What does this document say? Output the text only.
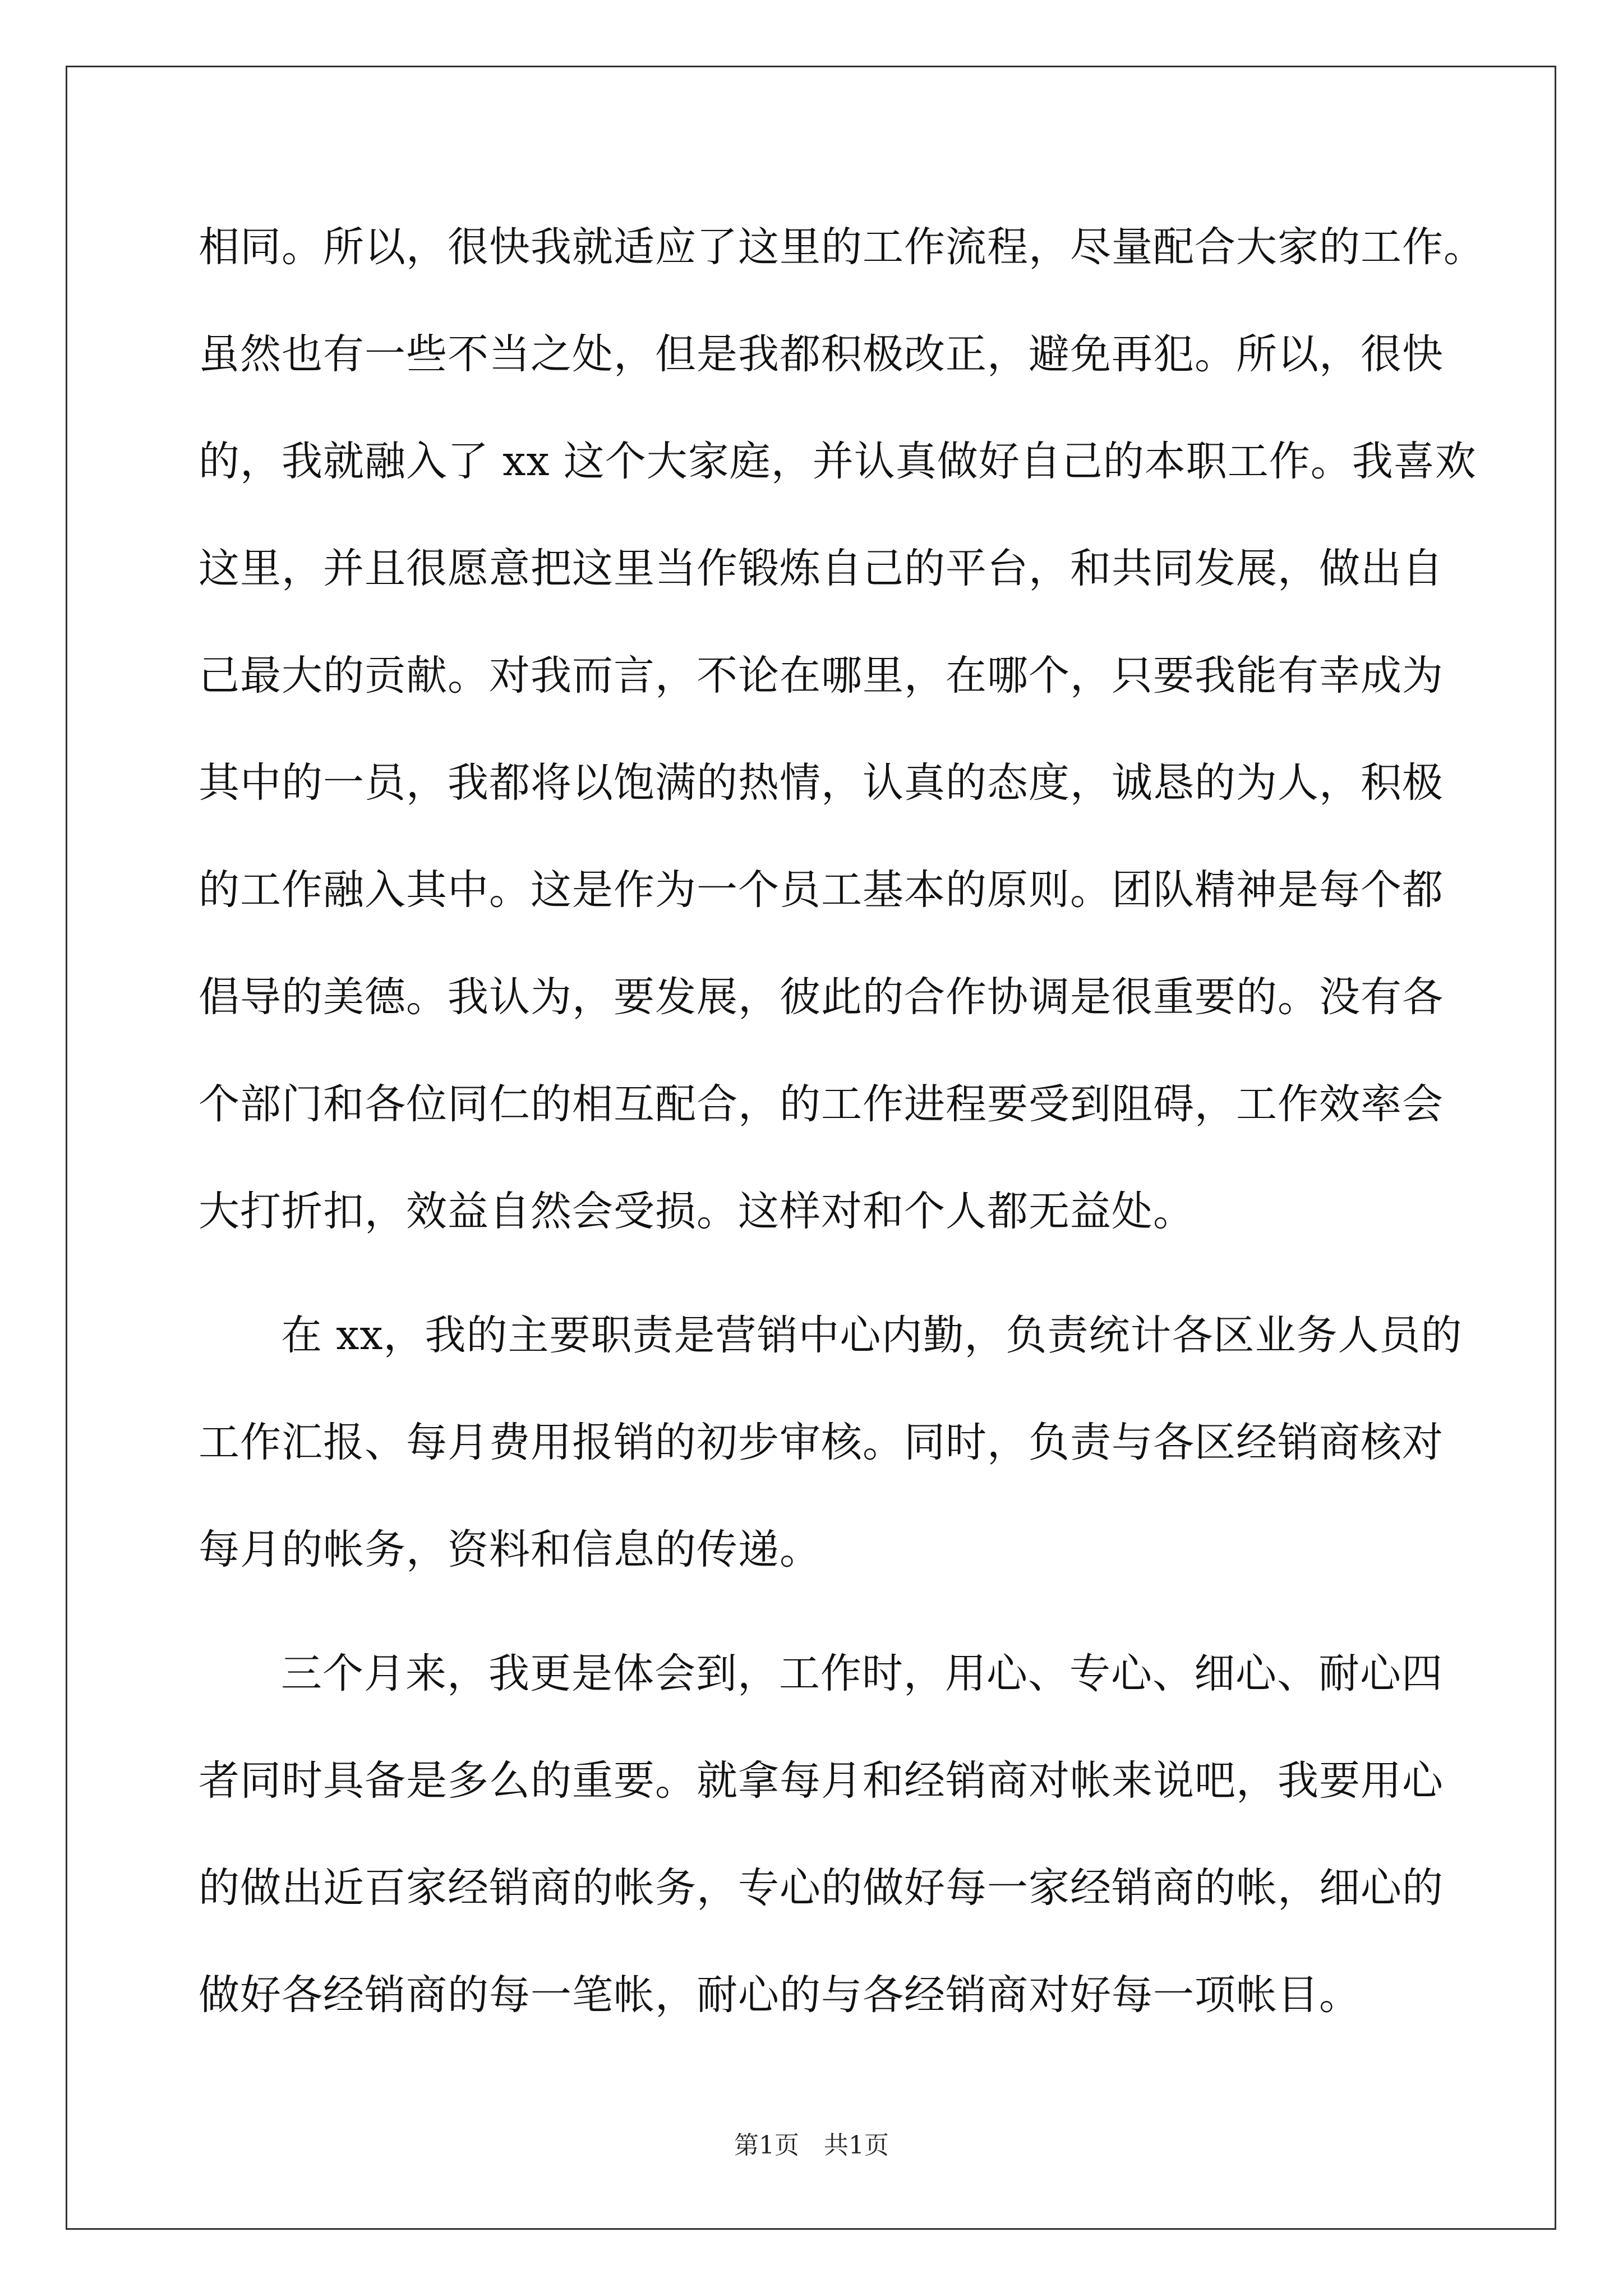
相同。所以，很快我就适应了这里的工作流程，尽量配合大家的工作。
虽然也有一些不当之处，但是我都积极改正，避免再犯。所以，很快
的，我就融入了 xx 这个大家庭，并认真做好自己的本职工作。我喜欢
这里，并且很愿意把这里当作锻炼自己的平台，和共同发展，做出自
己最大的贡献。对我而言，不论在哪里，在哪个，只要我能有幸成为
其中的一员，我都将以饱满的热情，认真的态度，诚恳的为人，积极
的工作融入其中。这是作为一个员工基本的原则。团队精神是每个都
倡导的美德。我认为，要发展，彼此的合作协调是很重要的。没有各
个部门和各位同仁的相互配合，的工作进程要受到阻碍，工作效率会
大打折扣，效益自然会受损。这样对和个人都无益处。
在 xx，我的主要职责是营销中心内勤，负责统计各区业务人员的
工作汇报、每月费用报销的初步审核。同时，负责与各区经销商核对
每月的帐务，资料和信息的传递。
三个月来，我更是体会到，工作时，用心、专心、细心、耐心四
者同时具备是多么的重要。就拿每月和经销商对帐来说吧，我要用心
的做出近百家经销商的帐务，专心的做好每一家经销商的帐，细心的
做好各经销商的每一笔帐，耐心的与各经销商对好每一项帐目。
第1页　共1页
